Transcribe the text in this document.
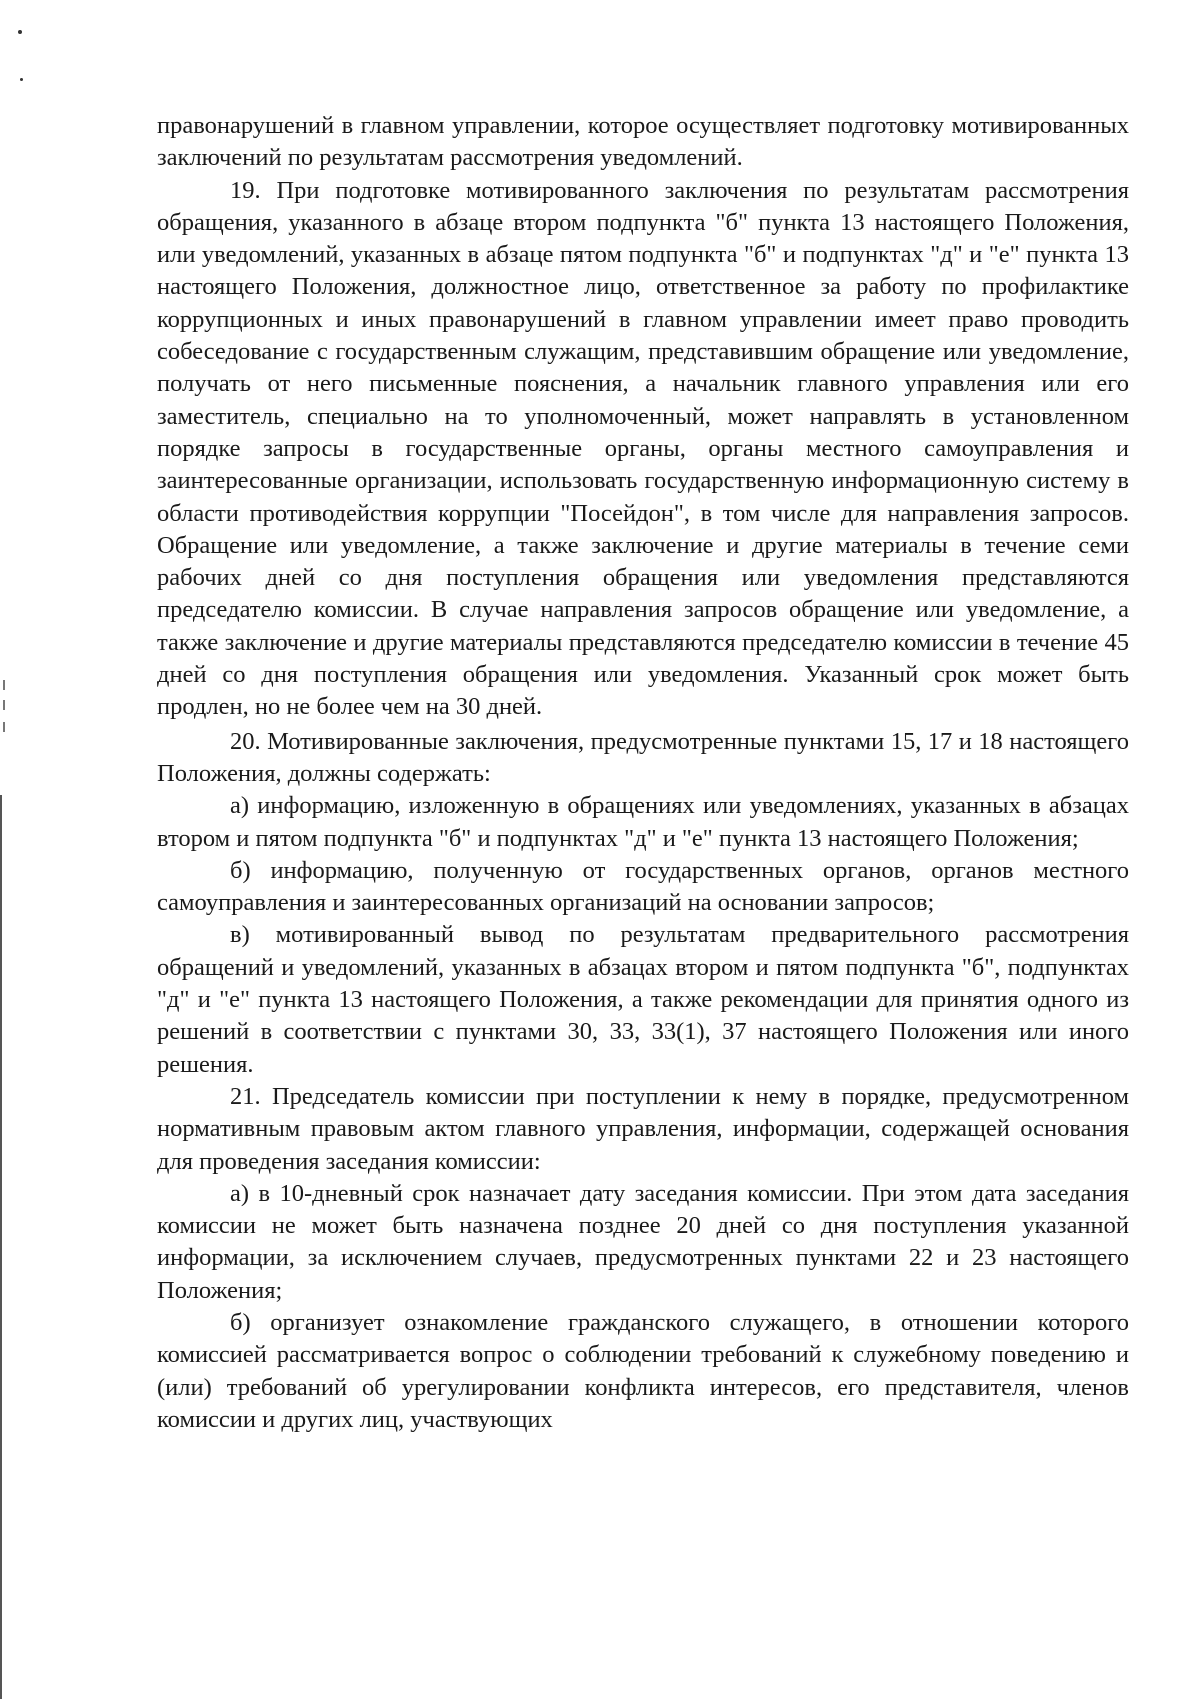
правонарушений в главном управлении, которое осуществляет подготовку мотивированных заключений по результатам рассмотрения уведомлений.

19. При подготовке мотивированного заключения по результатам рассмотрения обращения, указанного в абзаце втором подпункта "б" пункта 13 настоящего Положения, или уведомлений, указанных в абзаце пятом подпункта "б" и подпунктах "д" и "е" пункта 13 настоящего Положения, должностное лицо, ответственное за работу по профилактике коррупционных и иных правонарушений в главном управлении имеет право проводить собеседование с государственным служащим, представившим обращение или уведомление, получать от него письменные пояснения, а начальник главного управления или его заместитель, специально на то уполномоченный, может направлять в установленном порядке запросы в государственные органы, органы местного самоуправления и заинтересованные организации, использовать государственную информационную систему в области противодействия коррупции "Посейдон", в том числе для направления запросов. Обращение или уведомление, а также заключение и другие материалы в течение семи рабочих дней со дня поступления обращения или уведомления представляются председателю комиссии. В случае направления запросов обращение или уведомление, а также заключение и другие материалы представляются председателю комиссии в течение 45 дней со дня поступления обращения или уведомления. Указанный срок может быть продлен, но не более чем на 30 дней.

20. Мотивированные заключения, предусмотренные пунктами 15, 17 и 18 настоящего Положения, должны содержать:

а) информацию, изложенную в обращениях или уведомлениях, указанных в абзацах втором и пятом подпункта "б" и подпунктах "д" и "е" пункта 13 настоящего Положения;

б) информацию, полученную от государственных органов, органов местного самоуправления и заинтересованных организаций на основании запросов;

в) мотивированный вывод по результатам предварительного рассмотрения обращений и уведомлений, указанных в абзацах втором и пятом подпункта "б", подпунктах "д" и "е" пункта 13 настоящего Положения, а также рекомендации для принятия одного из решений в соответствии с пунктами 30, 33, 33(1), 37 настоящего Положения или иного решения.

21. Председатель комиссии при поступлении к нему в порядке, предусмотренном нормативным правовым актом главного управления, информации, содержащей основания для проведения заседания комиссии:

а) в 10-дневный срок назначает дату заседания комиссии. При этом дата заседания комиссии не может быть назначена позднее 20 дней со дня поступления указанной информации, за исключением случаев, предусмотренных пунктами 22 и 23 настоящего Положения;

б) организует ознакомление гражданского служащего, в отношении которого комиссией рассматривается вопрос о соблюдении требований к служебному поведению и (или) требований об урегулировании конфликта интересов, его представителя, членов комиссии и других лиц, участвующих
